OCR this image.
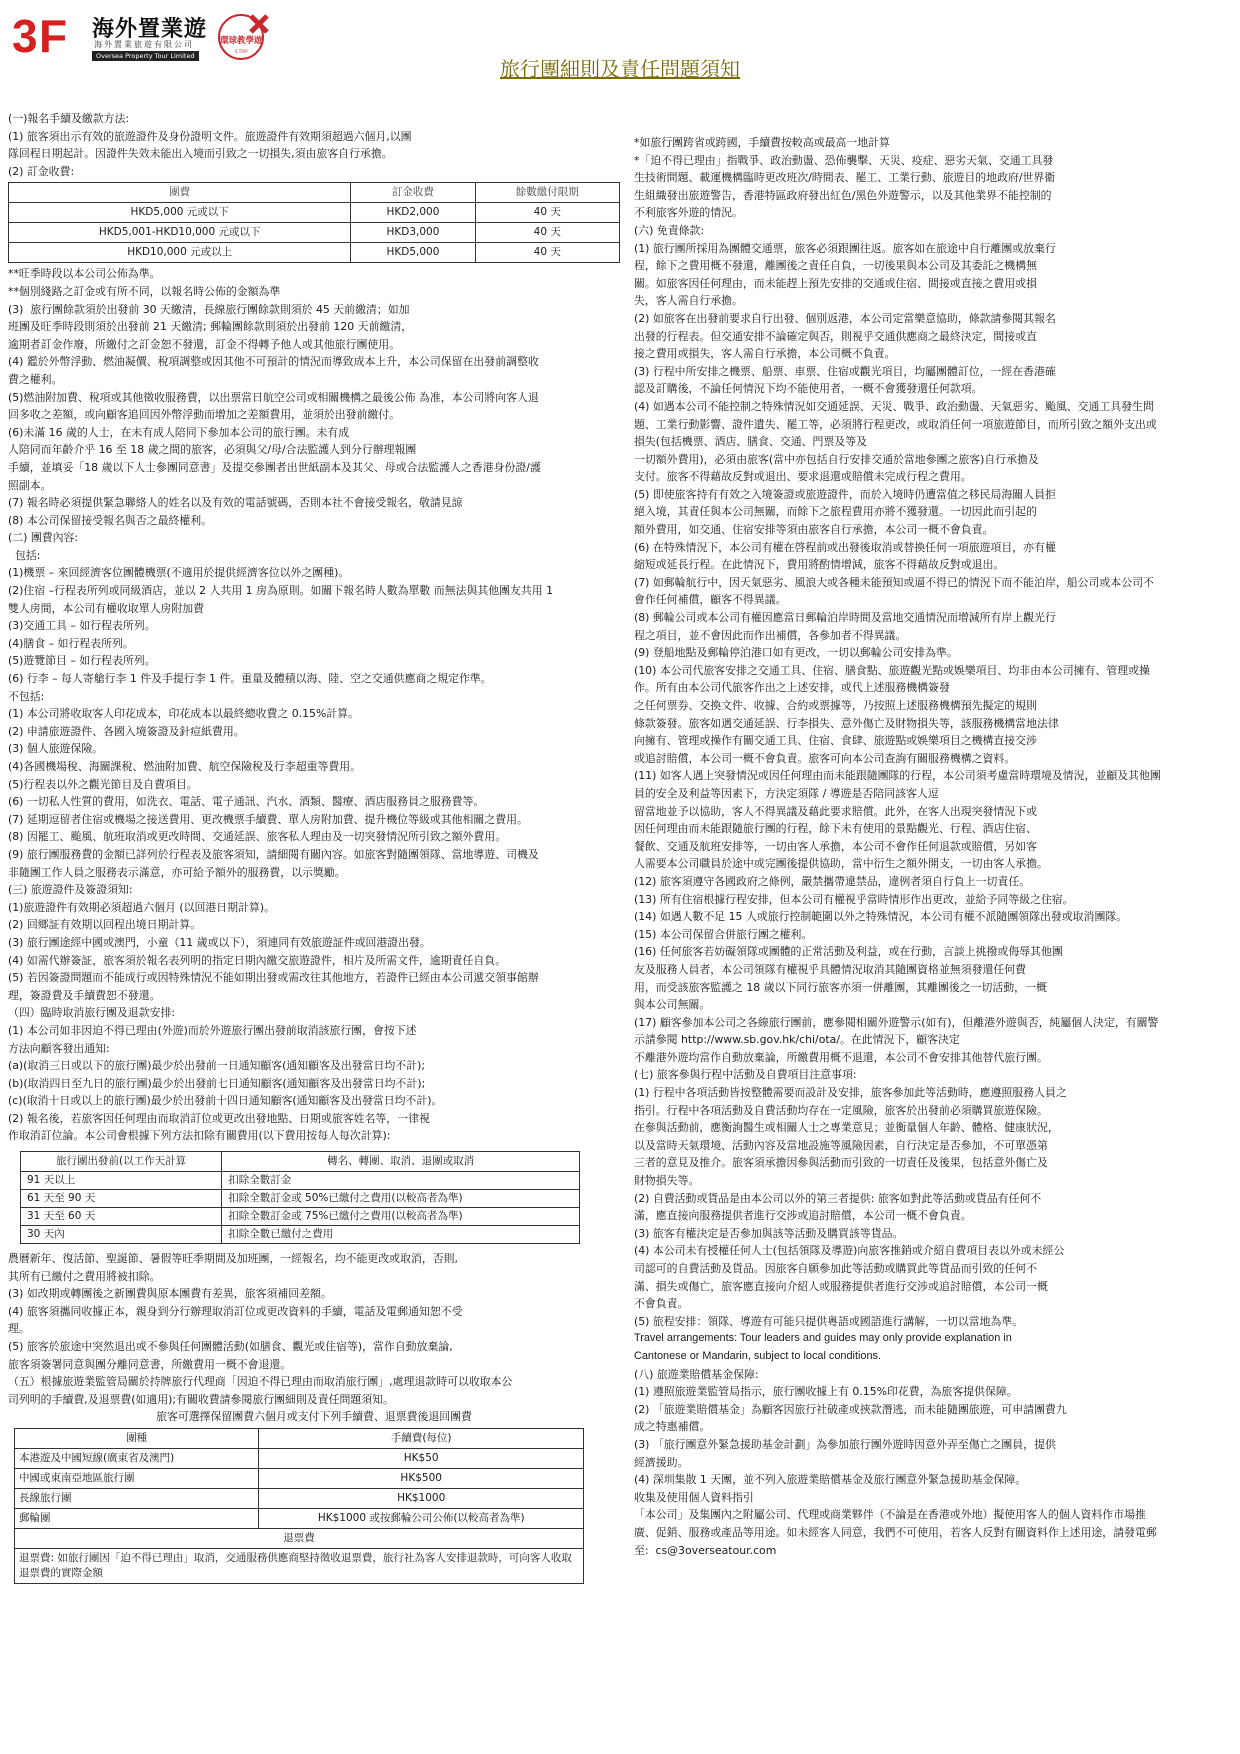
3 F 海外置業遊
海外置業旅遊有限公司
Oversea Property Tour Limited
環球教學遊
S TRIP
旅行團細則及責任問題須知

(一)報名手續及繳款方法:

(1) 旅客須出示有效的旅遊證件及身份證明文件。旅遊證件有效期須超過六個月,以團

隊回程日期起計。因證件失效未能出入境而引致之一切損失,須由旅客自行承擔。

(2) 訂金收費:

團費	訂金收費	餘數繳付限期
HKD5,000 元或以下	HKD2,000	40 天
HKD5,001-HKD10,000 元或以下	HKD3,000	40 天
HKD10,000 元或以上	HKD5,000	40 天

**旺季時段以本公司公佈為準。

**個別綫路之訂金或有所不同，以報名時公佈的金額為準

(3)  旅行團餘款須於出發前 30 天繳清，長線旅行團餘款則須於 45 天前繳清；如加

班團及旺季時段則須於出發前 21 天繳清; 郵輪團餘款則須於出發前 120 天前繳清，

逾期者訂金作廢，所繳付之訂金恕不發還，訂金不得轉予他人或其他旅行團使用。

(4) 鑑於外幣浮動、燃油凝價、稅項調整或因其他不可預計的情況而導致成本上升，本公司保留在出發前調整收

費之權利。

(5)燃油附加費、稅項或其他徵收服務費，以出票當日航空公司或相關機構之最後公佈 為准，本公司將向客人退

回多收之差額，或向顧客追回因外幣浮動而增加之差額費用，並須於出發前繳付。

(6)未滿 16 歲的人士，在未有成人陪同下參加本公司的旅行團。未有成

人陪同而年齡介乎 16 至 18 歲之間的旅客，必須與父/母/合法監護人到分行辦理報團

手續，並填妥「18 歲以下人士參團同意書」及提交參團者出世紙副本及其父、母或合法監護人之香港身份證/護

照副本。

(7) 報名時必須提供緊急聯絡人的姓名以及有效的電話號碼，否則本社不會接受報名，敬請見諒

(8) 本公司保留接受報名與否之最終權利。

(二) 團費內容:

包括:

(1)機票 – 來回經濟客位團體機票(不適用於提供經濟客位以外之團種)。

(2)住宿 –行程表所列或同級酒店，並以 2 人共用 1 房為原則。如關下報名時人數為單數 而無法與其他團友共用 1

雙人房間，本公司有權收取單人房附加費

(3)交通工具 – 如行程表所列。

(4)膳食 – 如行程表所列。

(5)遊覽節目 – 如行程表所列。

(6) 行李 – 每人寄艙行李 1 件及手提行李 1 件。重量及體積以海、陸、空之交通供應商之規定作準。

不包括:

(1) 本公司將收取客人印花成本，印花成本以最終總收費之 0.15%計算。

(2) 申請旅遊證件、各國入境簽證及針痘紙費用。

(3) 個人旅遊保險。

(4)各國機場稅、海關課稅、燃油附加費、航空保險稅及行李超重等費用。

(5)行程表以外之觀光節目及自費項目。

(6) 一切私人性質的費用，如洗衣、電話、電子通訊、汽水、酒類、醫療、酒店服務員之服務費等。

(7) 延期逗留者住宿或機場之接送費用、更改機票手續費、單人房附加費、提升機位等級或其他相關之費用。

(8) 因罷工、颱風、航班取消或更改時間、交通延誤、旅客私人理由及一切突發情況所引致之額外費用。

(9) 旅行團服務費的金額已詳列於行程表及旅客須知，請細閱有關內容。如旅客對隨團領隊、當地導遊、司機及

非隨團工作人員之服務表示滿意，亦可給予額外的服務費，以示獎勵。

(三) 旅遊證件及簽證須知:

(1)旅遊證件有效期必須超過六個月 (以回港日期計算)。

(2) 回鄉証有效期以回程出境日期計算。

(3) 旅行團途經中國或澳門，小童（11 歲或以下），須連同有效旅遊証件或回港證出發。

(4) 如需代辦簽証，旅客須於報名表列明的指定日期內繳交旅遊證件，相片及所需文件，逾期責任自負。

(5) 若因簽證問題而不能成行或因特殊情況不能如期出發或需改往其他地方，若證件已經由本公司遞交領事館辦

理，簽證費及手續費恕不發還。

（四）臨時取消旅行團及退款安排:

(1) 本公司如非因迫不得已理由(外遊)而於外遊旅行團出發前取消該旅行團，會按下述

方法向顧客發出通知:

(a)(取消三日或以下的旅行團)最少於出發前一日通知顧客(通知顧客及出發當日均不計);

(b)(取消四日至九日的旅行團)最少於出發前七日通知顧客(通知顧客及出發當日均不計);

(c)(取消十日或以上的旅行團)最少於出發前十四日通知顧客(通知顧客及出發當日均不計)。

(2) 報名後，若旅客因任何理由而取消訂位或更改出發地點、日期或旅客姓名等，一律視

作取消訂位論。本公司會根據下列方法扣除有關費用(以下費用按每人每次計算):

旅行團出發前(以工作天計算	轉名、轉團、取消、退團或取消
91 天以上	扣除全數訂金
61 天至 90 天	扣除全數訂金或 50%已繳付之費用(以較高者為準)
31 天至 60 天	扣除全數訂金或 75%已繳付之費用(以較高者為準)
30 天內	扣除全數已繳付之費用

農曆新年、復活節、聖誕節、暑假等旺季期間及加班團，一經報名，均不能更改或取消，否則,

其所有已繳付之費用將被扣除。

(3) 如改期或轉團後之新團費與原本團費有差異，旅客須補回差額。

(4) 旅客須攜同收據正本，親身到分行辦理取消訂位或更改資料的手續，電話及電郵通知恕不受

理。

(5) 旅客於旅途中突然退出或不參與任何團體活動(如膳食、觀光或住宿等)，當作自動放棄論,

旅客須簽署同意與團分離同意書，所繳費用一概不會退還。

（五）根據旅遊業監管局關於持牌旅行代理商「因迫不得已理由而取消旅行團」,處理退款時可以收取本公

司列明的手續費,及退票費(如適用);有關收費請參閱旅行團細則及責任問題須知。

旅客可選擇保留團費六個月或支付下列手續費、退票費後退回團費

團種	手續費(每位)
本港遊及中國短線(廣東省及澳門)	HK$50
中國或東南亞地區旅行團	HK$500
長線旅行團	HK$1000
郵輪團	HK$1000 或按郵輪公司公佈(以較高者為準)
退票費	
退票費: 如旅行團因「迫不得已理由」取消，交通服務供應商堅持徵收退票費，旅行社為客人安排退款時，可向客人收取退票費的實際金額	

*如旅行團跨省或跨國，手續費按較高或最高一地計算

*「迫不得已理由」指戰爭、政治動盪、恐佈襲擊、天災、疫症、惡劣天氣、交通工具發

生技術問題、載運機構臨時更改班次/時間表、罷工、工業行動、旅遊目的地政府/世界衛

生組織發出旅遊警告，香港特區政府發出紅色/黑色外遊警示，以及其他業界不能控制的

不利旅客外遊的情況。

(六) 免責條款:

(1) 旅行團所採用為團體交通票，旅客必須跟團往返。旅客如在旅途中自行離團或放棄行

程，餘下之費用概不發還，離團後之責任自負，一切後果與本公司及其委託之機構無

關。如旅客因任何理由，而未能趕上預先安排的交通或住宿、間接或直接之費用或損

失，客人需自行承擔。

(2) 如旅客在出發前要求自行出發、個別返港，本公司定當樂意協助，條款請參閱其報名

出發的行程表。但交通安排不論確定與否，則視乎交通供應商之最終決定，間接或直

接之費用或損失，客人需自行承擔，本公司概不負責。

(3) 行程中所安排之機票、船票、車票、住宿或觀光項目，均屬團體訂位，一經在香港確

認及訂購後，不論任何情況下均不能使用者，一概不會獲發還任何款項。

(4) 如遇本公司不能控制之特殊情況如交通延誤、天災、戰爭、政治動盪、天氣惡劣、颱風、交通工具發生問

題、工業行動影響、證件遺失、罷工等，必須將行程更改，或取消任何一項旅遊節目，而所引致之額外支出或

損失(包括機票、酒店、膳食、交通、門票及等及

一切額外費用)，必須由旅客(當中亦包括自行安排交通於當地參團之旅客)自行承擔及

支付。旅客不得藉故反對或退出、要求退還或賠償未完成行程之費用。

(5) 即使旅客持有有效之入境簽證或旅遊證件，而於入境時仍遭當值之移民局海關人員拒

絕入境，其責任與本公司無關，而餘下之旅程費用亦將不獲發還。一切因此而引起的

額外費用，如交通、住宿安排等須由旅客自行承擔，本公司一概不會負責。

(6) 在特殊情況下，本公司有權在啓程前或出發後取消或替換任何一項旅遊項目，亦有權

縮短或延長行程。在此情況下，費用將酌情增減，旅客不得藉故反對或退出。

(7) 如郵輪航行中，因天氣惡劣、風浪大或各種未能預知或逼不得已的情況下而不能泊岸，船公司或本公司不

會作任何補償，顧客不得異議。

(8) 郵輪公司或本公司有權因應當日郵輪泊岸時間及當地交通情況而增減所有岸上觀光行

程之項目，並不會因此而作出補償，各參加者不得異議。

(9) 登船地點及郵輪停泊港口如有更改，一切以郵輪公司安排為準。

(10) 本公司代旅客安排之交通工具、住宿、膳食點、旅遊觀光點或娛樂項目、均非由本公司擁有、管理或操

作。所有由本公司代旅客作出之上述安排，或代上述服務機構簽發

之任何票券、交換文件、收據、合約或票據等，乃按照上述服務機構預先擬定的規則

條款簽發。旅客如遇交通延誤、行李損失、意外傷亡及財物損失等，該服務機構當地法律

向擁有、管理或操作有關交通工具、住宿、食肆、旅遊點或娛樂項目之機構直接交涉

或追討賠償，本公司一概不會負責。旅客可向本公司查詢有關服務機構之資料。

(11) 如客人遇上突發情況或因任何理由而未能跟隨團隊的行程，本公司須考慮當時環境及情況，並顧及其他團

員的安全及利益等因素下，方決定須隊 / 導遊是否陪同該客人逗

留當地並予以協助，客人不得異議及藉此要求賠償。此外，在客人出現突發情況下或

因任何理由而未能跟隨旅行團的行程，餘下未有使用的景點觀光、行程、酒店住宿、

餐飲、交通及航班安排等，一切由客人承擔，本公司不會作任何退款或賠償，另如客

人需要本公司職員於途中或完團後提供協助，當中衍生之額外開支，一切由客人承擔。

(12) 旅客須遵守各國政府之條例，嚴禁攜帶違禁品，違例者須自行負上一切責任。

(13) 所有住宿根據行程安排，但本公司有權視乎當時情形作出更改，並給予同等級之住宿。

(14) 如遇人數不足 15 人或旅行控制範圍以外之特殊情況，本公司有權不派隨團領隊出發或取消團隊。

(15) 本公司保留合併旅行團之權利。

(16) 任何旅客若妨礙領隊或團體的正常活動及利益，或在行動，言談上挑撥或侮辱其他團

友及服務人員者，本公司領隊有權視乎具體情況取消其隨團資格並無須發還任何費

用，而受該旅客監護之 18 歲以下同行旅客亦須一併離團，其離團後之一切活動，一概

與本公司無關。

(17) 顧客參加本公司之各線旅行團前，應參閱相關外遊警示(如有)，但離港外遊與否，純屬個人決定，有關警

示請參閱 http://www.sb.gov.hk/chi/ota/。在此情況下，顧客決定

不離港外遊均當作自動放棄論，所繳費用概不退還，本公司不會安排其他替代旅行團。

(七) 旅客參與行程中活動及自費項目注意事項:

(1) 行程中各項活動皆按整體需要而設計及安排，旅客參加此等活動時，應遵照服務人員之

指引。行程中各項活動及自費活動均存在一定風險，旅客於出發前必須購買旅遊保險。

在參與活動前，應衡詢醫生或相關人士之專業意見；並衡量個人年齡、體格、健康狀況，

以及當時天氣環境、活動內容及當地設施等風險因素，自行決定是否參加，不可單憑第

三者的意見及推介。旅客須承擔因參與活動而引致的一切責任及後果，包括意外傷亡及

財物損失等。

(2) 自費活動或貨品是由本公司以外的第三者提供: 旅客如對此等活動或貨品有任何不

滿，應直接向服務提供者進行交涉或追討賠償，本公司一概不會負責。

(3) 旅客有權決定是否參加與該等活動及購買該等貨品。

(4) 本公司未有授權任何人士(包括領隊及導遊)向旅客推銷或介紹自費項目表以外或未經公

司認可的自費活動及貨品。因旅客自願參加此等活動或購買此等貨品而引致的任何不

滿、損失或傷亡，旅客應直接向介紹人或服務提供者進行交涉或追討賠償，本公司一概

不會負責。

(5) 旅程安排：領隊、導遊有可能只提供粵語或國語進行講解，一切以當地為準。

Travel arrangements: Tour leaders and guides may only provide explanation in

Cantonese or Mandarin, subject to local conditions.

(八) 旅遊業賠償基金保障:

(1) 遵照旅遊業監管局指示，旅行團收據上有 0.15%印花費，為旅客提供保障。

(2) 「旅遊業賠償基金」為顧客因旅行社破產或挾款潛逃，而未能隨團旅遊，可申請團費九

成之特惠補償。

(3) 「旅行團意外緊急援助基金計劃」為參加旅行團外遊時因意外弄至傷亡之團員，提供

經濟援助。

(4) 深圳集散 1 天團，並不列入旅遊業賠償基金及旅行團意外緊急援助基金保障。

收集及使用個人資料指引

「本公司」及集團內之附屬公司、代理或商業夥伴（不論是在香港或外地）擬使用客人的個人資料作市場推

廣、促銷、服務或產品等用途。如未經客人同意，我們不可使用，若客人反對有關資料作上述用途，請發電郵

至:  cs@3overseatour.com
